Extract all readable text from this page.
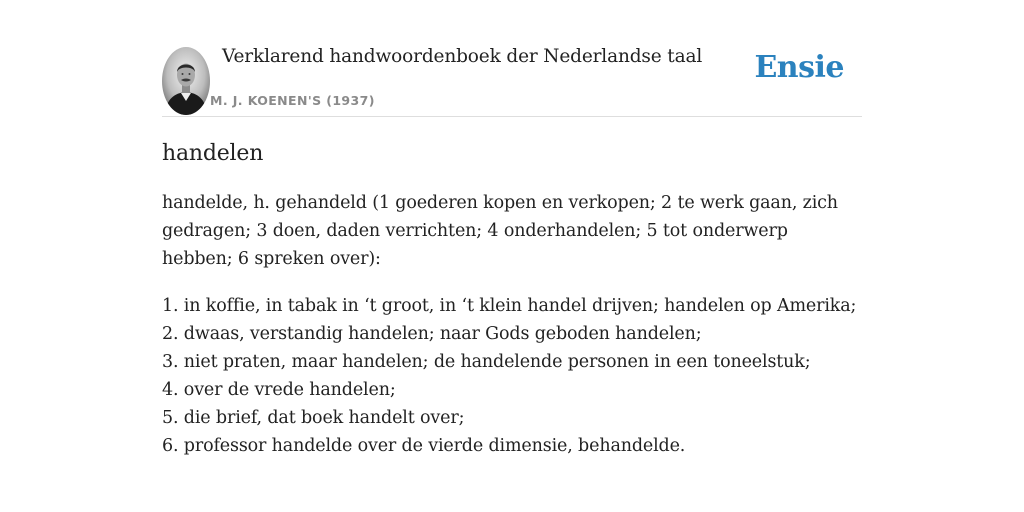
Verklarend handwoordenboek der Nederlandse taal
M. J. KOENEN'S (1937)
Ensie
handelen

handelde, h. gehandeld (1 goederen kopen en verkopen; 2 te werk gaan, zich gedragen; 3 doen, daden verrichten; 4 onderhandelen; 5 tot onderwerp hebben; 6 spreken over):

1. in koffie, in tabak in ‘t groot, in ‘t klein handel drijven; handelen op Amerika;
2. dwaas, verstandig handelen; naar Gods geboden handelen;
3. niet praten, maar handelen; de handelende personen in een toneelstuk;
4. over de vrede handelen;
5. die brief, dat boek handelt over;
6. professor handelde over de vierde dimensie, behandelde.
